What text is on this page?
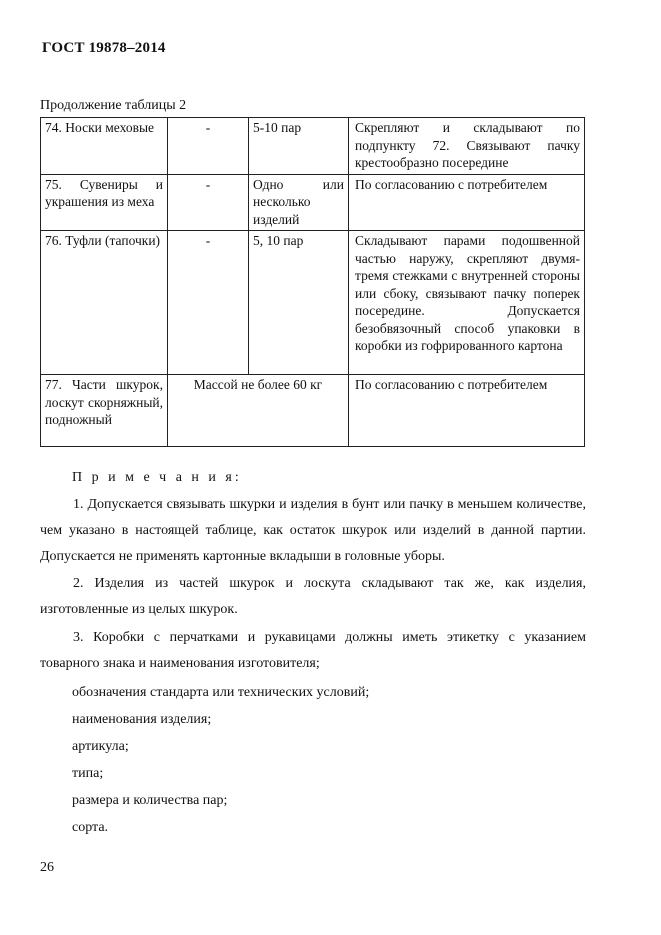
ГОСТ 19878–2014
Продолжение таблицы 2
74. Носки меховые	-	5-10 пар	Скрепляют и складывают по подпункту 72. Связывают пачку крестообразно посередине
75. Сувениры и украшения из меха	-	Одно или несколько изделий	По согласованию с потребителем
76. Туфли (тапочки)	-	5, 10 пар	Складывают парами подошвенной частью наружу, скрепляют двумя-тремя стежками с внутренней стороны или сбоку, связывают пачку поперек посередине. Допускается безобвязочный способ упаковки в коробки из гофрированного картона
77. Части шкурок, лоскут скорняжный, подножный	Массой не более 60 кг		По согласованию с потребителем
П р и м е ч а н и я:
1. Допускается связывать шкурки и изделия в бунт или пачку в меньшем количестве, чем указано в настоящей таблице, как остаток шкурок или изделий в данной партии. Допускается не применять картонные вкладыши в головные уборы.
2. Изделия из частей шкурок и лоскута складывают так же, как изделия, изготовленные из целых шкурок.
3. Коробки с перчатками и рукавицами должны иметь этикетку с указанием товарного знака и наименования изготовителя;
обозначения стандарта или технических условий;
наименования изделия;
артикула;
типа;
размера и количества пар;
сорта.
26
